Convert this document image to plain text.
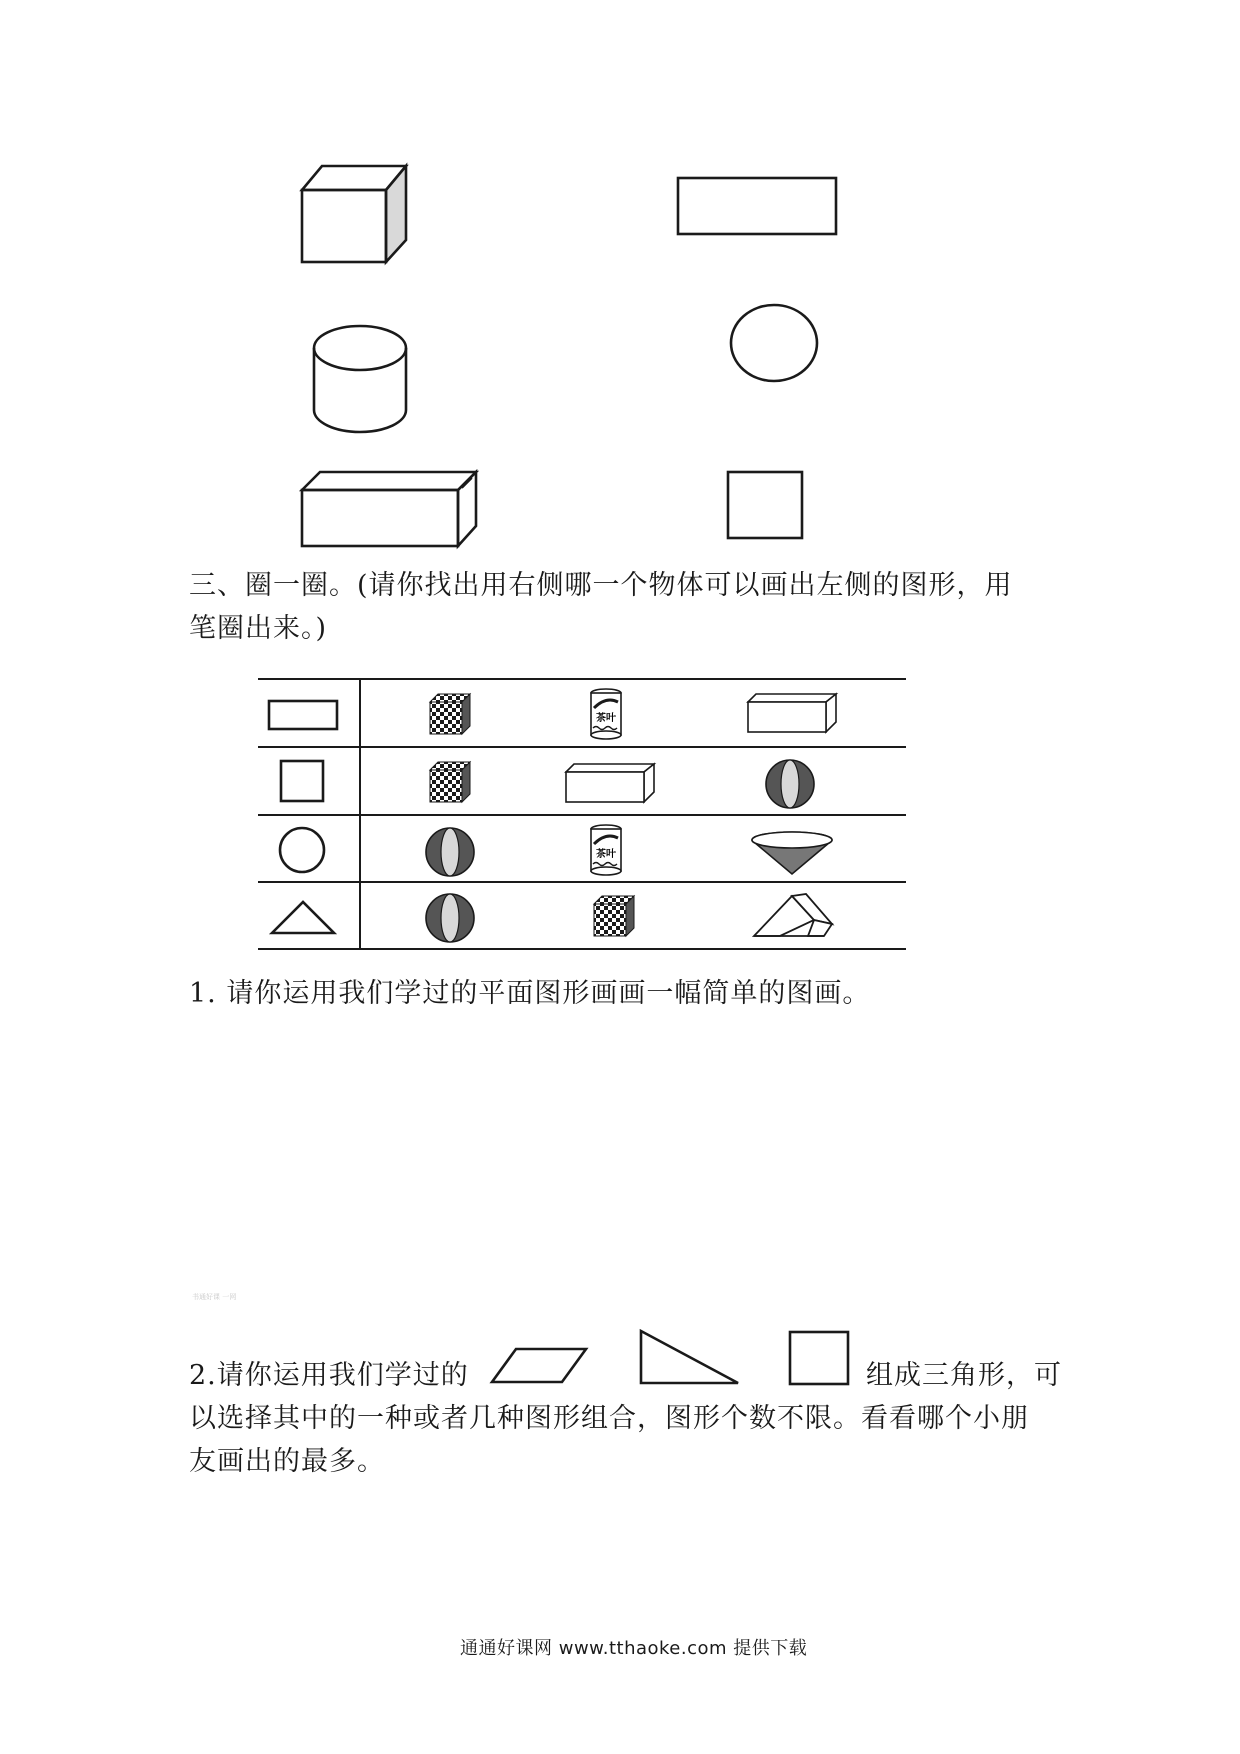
三、圈一圈。(请你找出用右侧哪一个物体可以画出左侧的图形，用
笔圈出来。)
茶叶
茶叶
1. 请你运用我们学过的平面图形画画一幅简单的图画。
书通好课 一网
2.请你运用我们学过的	组成三角形，可
以选择其中的一种或者几种图形组合，图形个数不限。看看哪个小朋
友画出的最多。
通通好课网 www.tthaoke.com 提供下载
